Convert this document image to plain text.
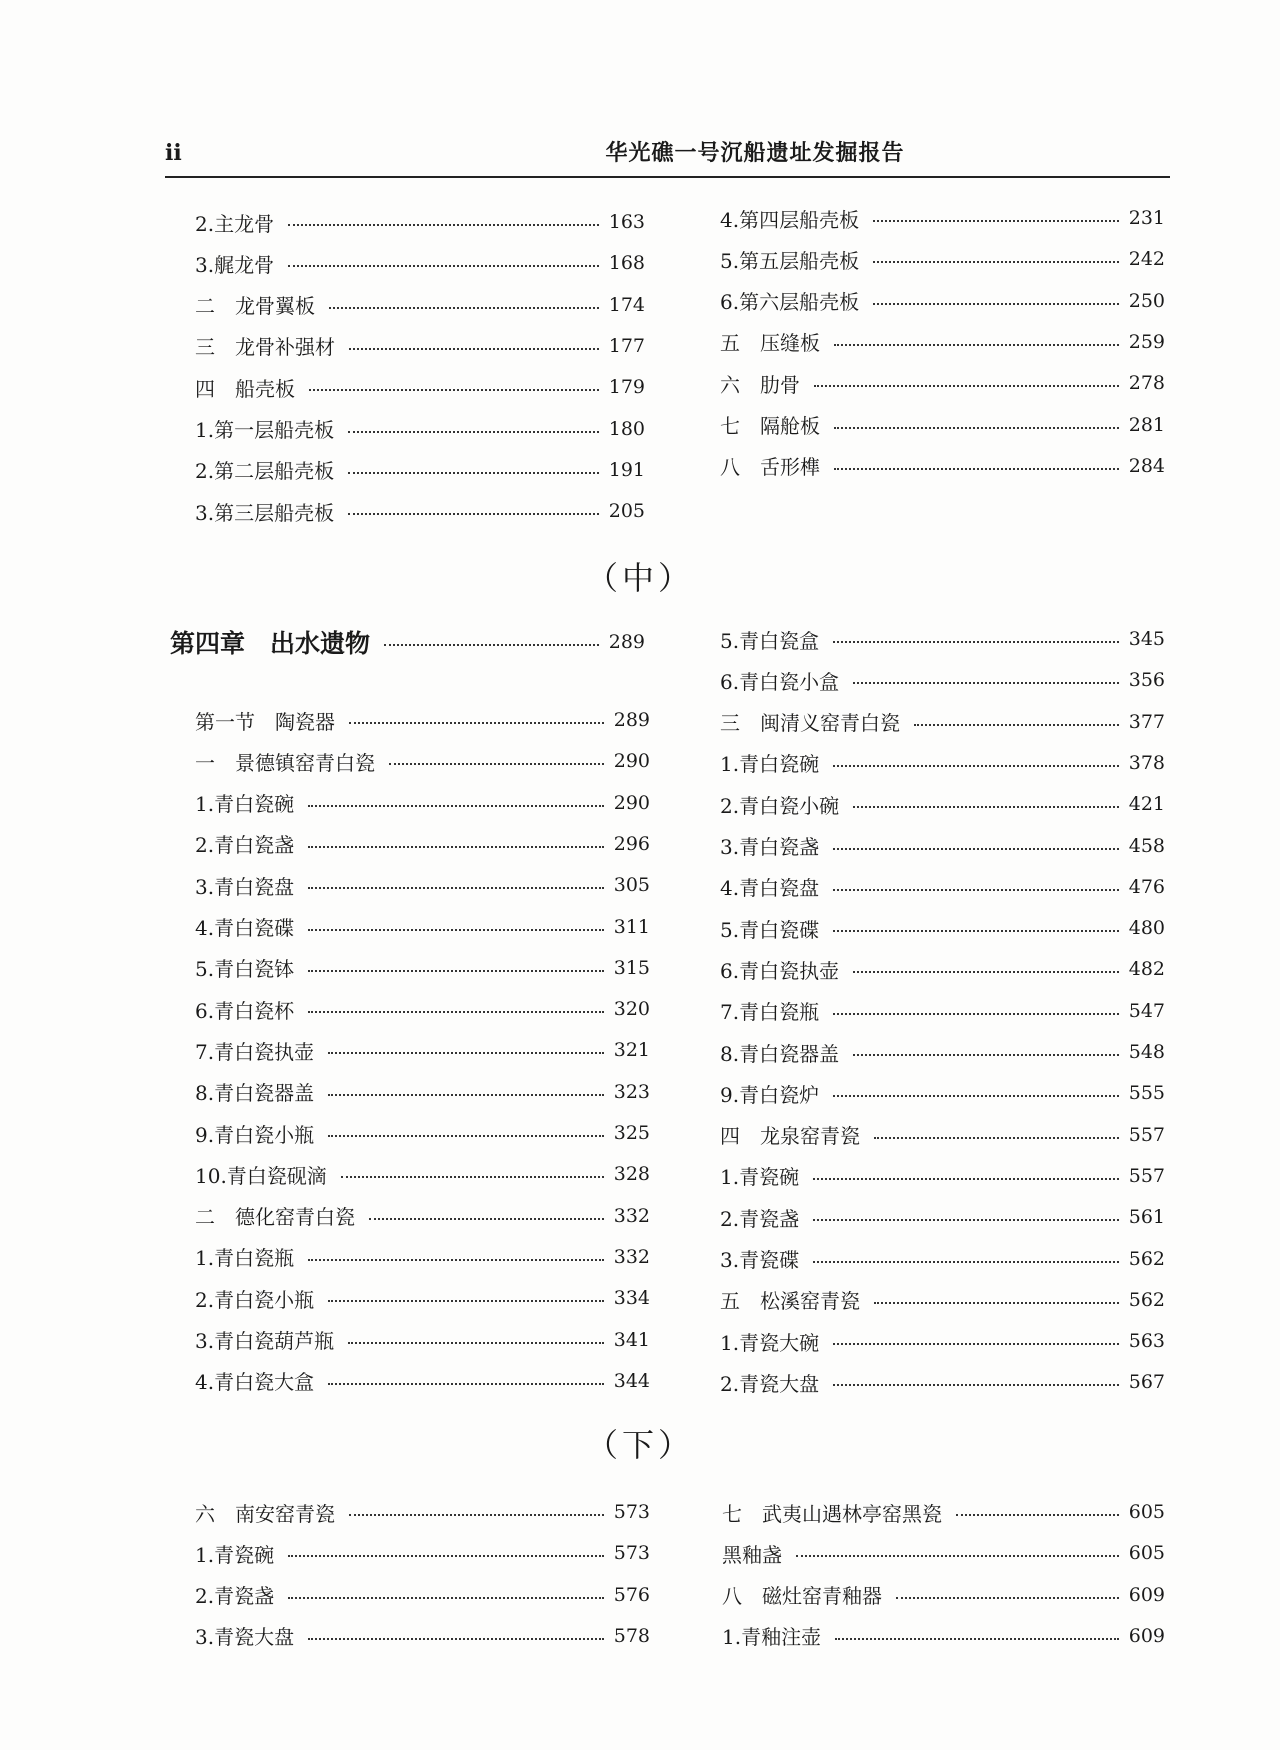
ii	华光礁一号沉船遗址发掘报告
（中）
（下）
2.主龙骨	163
3.艉龙骨	168
二　龙骨翼板	174
三　龙骨补强材	177
四　船壳板	179
1.第一层船壳板	180
2.第二层船壳板	191
3.第三层船壳板	205
4.第四层船壳板	231
5.第五层船壳板	242
6.第六层船壳板	250
五　压缝板	259
六　肋骨	278
七　隔舱板	281
八　舌形榫	284
第四章　出水遗物	289
第一节　陶瓷器	289
一　景德镇窑青白瓷	290
1.青白瓷碗	290
2.青白瓷盏	296
3.青白瓷盘	305
4.青白瓷碟	311
5.青白瓷钵	315
6.青白瓷杯	320
7.青白瓷执壶	321
8.青白瓷器盖	323
9.青白瓷小瓶	325
10.青白瓷砚滴	328
二　德化窑青白瓷	332
1.青白瓷瓶	332
2.青白瓷小瓶	334
3.青白瓷葫芦瓶	341
4.青白瓷大盒	344
5.青白瓷盒	345
6.青白瓷小盒	356
三　闽清义窑青白瓷	377
1.青白瓷碗	378
2.青白瓷小碗	421
3.青白瓷盏	458
4.青白瓷盘	476
5.青白瓷碟	480
6.青白瓷执壶	482
7.青白瓷瓶	547
8.青白瓷器盖	548
9.青白瓷炉	555
四　龙泉窑青瓷	557
1.青瓷碗	557
2.青瓷盏	561
3.青瓷碟	562
五　松溪窑青瓷	562
1.青瓷大碗	563
2.青瓷大盘	567
六　南安窑青瓷	573
1.青瓷碗	573
2.青瓷盏	576
3.青瓷大盘	578
七　武夷山遇林亭窑黑瓷	605
黑釉盏	605
八　磁灶窑青釉器	609
1.青釉注壶	609
